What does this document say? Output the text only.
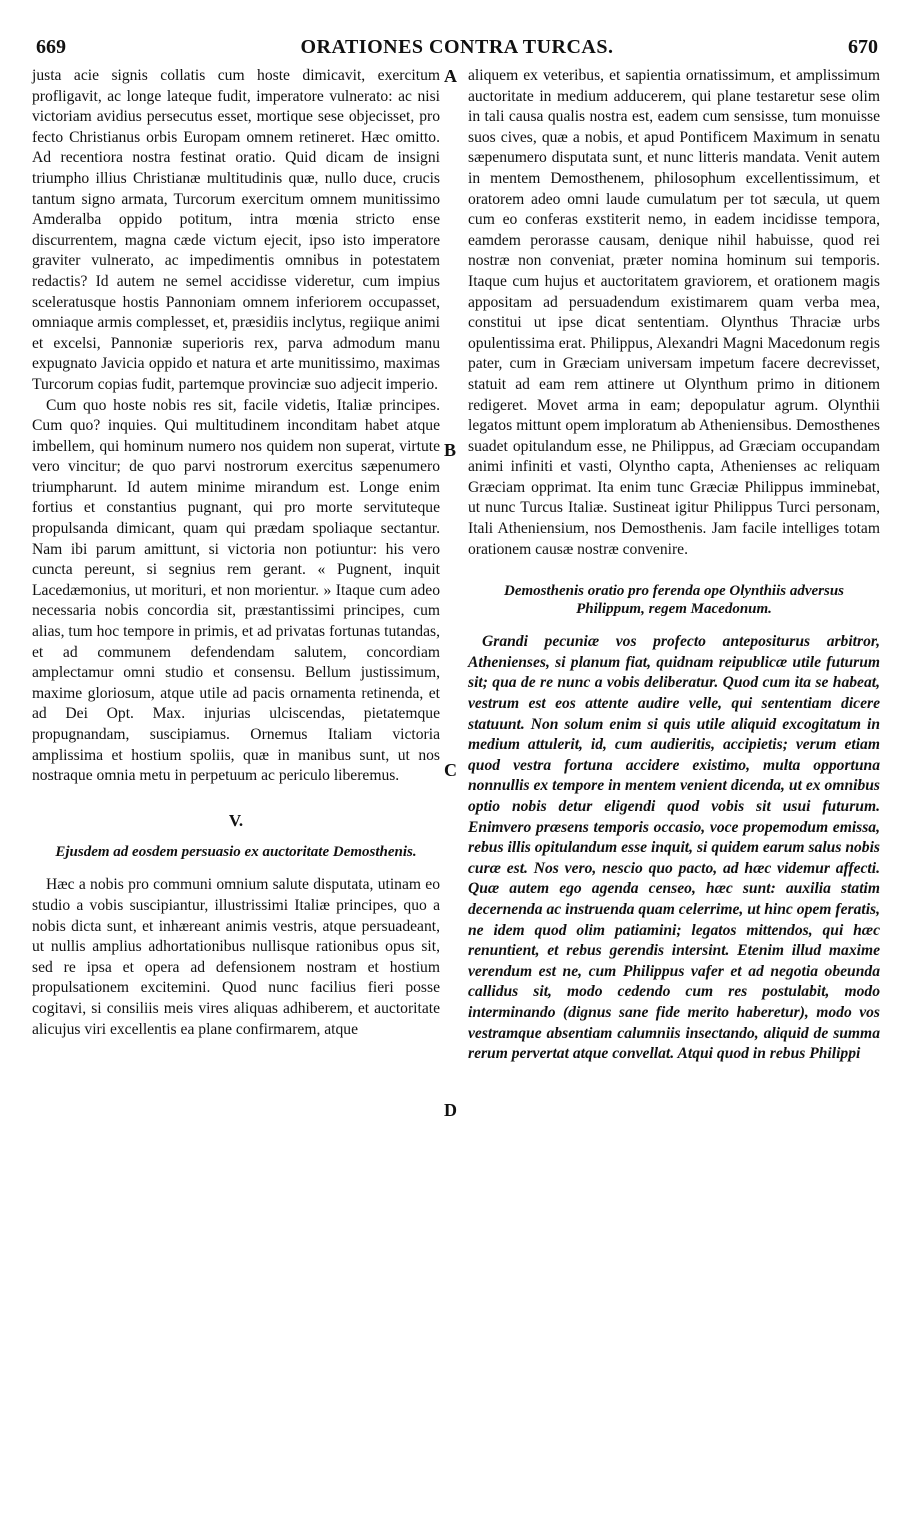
669	ORATIONES CONTRA TURCAS.	670

justa acie signis collatis cum hoste dimicavit, exercitum profligavit, ac longe lateque fudit, imperatore vulnerato: ac nisi victoriam avidius persecutus esset, mortique sese objecisset, pro fecto Christianus orbis Europam omnem retineret. Hæc omitto. Ad recentiora nostra festinat oratio. Quid dicam de insigni triumpho illius Christianæ multitudinis quæ, nullo duce, crucis tantum signo armata, Turcorum exercitum omnem munitissimo Amderalba oppido potitum, intra mœnia stricto ense discurrentem, magna cæde victum ejecit, ipso isto imperatore graviter vulnerato, ac impedimentis omnibus in potestatem redactis? Id autem ne semel accidisse videretur, cum impius sceleratusque hostis Pannoniam omnem inferiorem occupasset, omniaque armis complesset, et, præsidiis inclytus, regiique animi et excelsi, Pannoniæ superioris rex, parva admodum manu expugnato Javicia oppido et natura et arte munitissimo, maximas Turcorum copias fudit, partemque provinciæ suo adjecit imperio.

Cum quo hoste nobis res sit, facile videtis, Italiæ principes. Cum quo? inquies. Qui multitudinem inconditam habet atque imbellem, qui hominum numero nos quidem non superat, virtute vero vincitur; de quo parvi nostrorum exercitus sæpenumero triumpharunt. Id autem minime mirandum est. Longe enim fortius et constantius pugnant, qui pro morte servituteque propulsanda dimicant, quam qui prædam spoliaque sectantur. Nam ibi parum amittunt, si victoria non potiuntur: his vero cuncta pereunt, si segnius rem gerant. « Pugnent, inquit Lacedæmonius, ut morituri, et non morientur. » Itaque cum adeo necessaria nobis concordia sit, præstantissimi principes, cum alias, tum hoc tempore in primis, et ad privatas fortunas tutandas, et ad communem defendendam salutem, concordiam amplectamur omni studio et consensu. Bellum justissimum, maxime gloriosum, atque utile ad pacis ornamenta retinenda, et ad Dei Opt. Max. injurias ulciscendas, pietatemque propugnandam, suscipiamus. Ornemus Italiam victoria amplissima et hostium spoliis, quæ in manibus sunt, ut nos nostraque omnia metu in perpetuum ac periculo liberemus.

V.
Ejusdem ad eosdem persuasio ex auctoritate Demosthenis.

Hæc a nobis pro communi omnium salute disputata, utinam eo studio a vobis suscipiantur, illustrissimi Italiæ principes, quo a nobis dicta sunt, et inhæreant animis vestris, atque persuadeant, ut nullis amplius adhortationibus nullisque rationibus opus sit, sed re ipsa et opera ad defensionem nostram et hostium propulsationem excitemini. Quod nunc facilius fieri posse cogitavi, si consiliis meis vires aliquas adhiberem, et auctoritate alicujus viri excellentis ea plane confirmarem, atque

A
B
C
D

aliquem ex veteribus, et sapientia ornatissimum, et amplissimum auctoritate in medium adducerem, qui plane testaretur sese olim in tali causa qualis nostra est, eadem cum sensisse, tum monuisse suos cives, quæ a nobis, et apud Pontificem Maximum in senatu sæpenumero disputata sunt, et nunc litteris mandata. Venit autem in mentem Demosthenem, philosophum excellentissimum, et oratorem adeo omni laude cumulatum per tot sæcula, ut quem cum eo conferas exstiterit nemo, in eadem incidisse tempora, eamdem perorasse causam, denique nihil habuisse, quod rei nostræ non conveniat, præter nomina hominum sui temporis. Itaque cum hujus et auctoritatem graviorem, et orationem magis appositam ad persuadendum existimarem quam verba mea, constitui ut ipse dicat sententiam. Olynthus Thraciæ urbs opulentissima erat. Philippus, Alexandri Magni Macedonum regis pater, cum in Græciam universam impetum facere decrevisset, statuit ad eam rem attinere ut Olynthum primo in ditionem redigeret. Movet arma in eam; depopulatur agrum. Olynthii legatos mittunt opem imploratum ab Atheniensibus. Demosthenes suadet opitulandum esse, ne Philippus, ad Græciam occupandam animi infiniti et vasti, Olyntho capta, Athenienses ac reliquam Græciam opprimat. Ita enim tunc Græciæ Philippus imminebat, ut nunc Turcus Italiæ. Sustineat igitur Philippus Turci personam, Itali Atheniensium, nos Demosthenis. Jam facile intelliges totam orationem causæ nostræ convenire.

Demosthenis oratio pro ferenda ope Olynthiis adversus Philippum, regem Macedonum.

Grandi pecuniæ vos profecto antepositurus arbitror, Athenienses, si planum fiat, quidnam reipublicæ utile futurum sit; qua de re nunc a vobis deliberatur. Quod cum ita se habeat, vestrum est eos attente audire velle, qui sententiam dicere statuunt. Non solum enim si quis utile aliquid excogitatum in medium attulerit, id, cum audieritis, accipietis; verum etiam quod vestra fortuna accidere existimo, multa opportuna nonnullis ex tempore in mentem venient dicenda, ut ex omnibus optio nobis detur eligendi quod vobis sit usui futurum. Enimvero præsens temporis occasio, voce propemodum emissa, rebus illis opitulandum esse inquit, si quidem earum salus nobis curæ est. Nos vero, nescio quo pacto, ad hæc videmur affecti. Quæ autem ego agenda censeo, hæc sunt: auxilia statim decernenda ac instruenda quam celerrime, ut hinc opem feratis, ne idem quod olim patiamini; legatos mittendos, qui hæc renuntient, et rebus gerendis intersint. Etenim illud maxime verendum est ne, cum Philippus vafer et ad negotia obeunda callidus sit, modo cedendo cum res postulabit, modo interminando (dignus sane fide merito haberetur), modo vos vestramque absentiam calumniis insectando, aliquid de summa rerum pervertat atque convellat. Atqui quod in rebus Philippi
